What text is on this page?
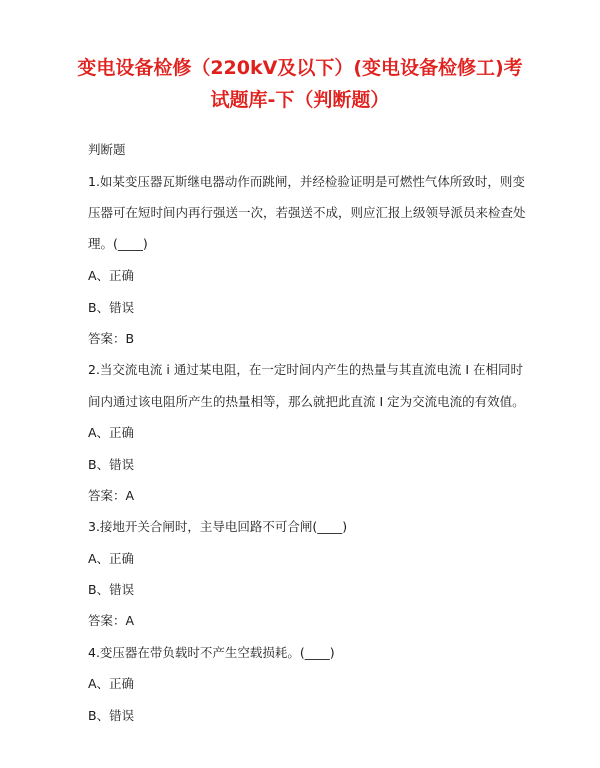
变电设备检修（220kV及以下）(变电设备检修工)考
试题库-下（判断题）
判断题
1.如某变压器瓦斯继电器动作而跳闸，并经检验证明是可燃性气体所致时，则变
压器可在短时间内再行强送一次，若强送不成，则应汇报上级领导派员来检查处
理。(____)
A、正确
B、错误
答案：B
2.当交流电流 i 通过某电阻，在一定时间内产生的热量与其直流电流 I 在相同时
间内通过该电阻所产生的热量相等，那么就把此直流 I 定为交流电流的有效值。
A、正确
B、错误
答案：A
3.接地开关合闸时，主导电回路不可合闸(____)
A、正确
B、错误
答案：A
4.变压器在带负载时不产生空载损耗。(____)
A、正确
B、错误
